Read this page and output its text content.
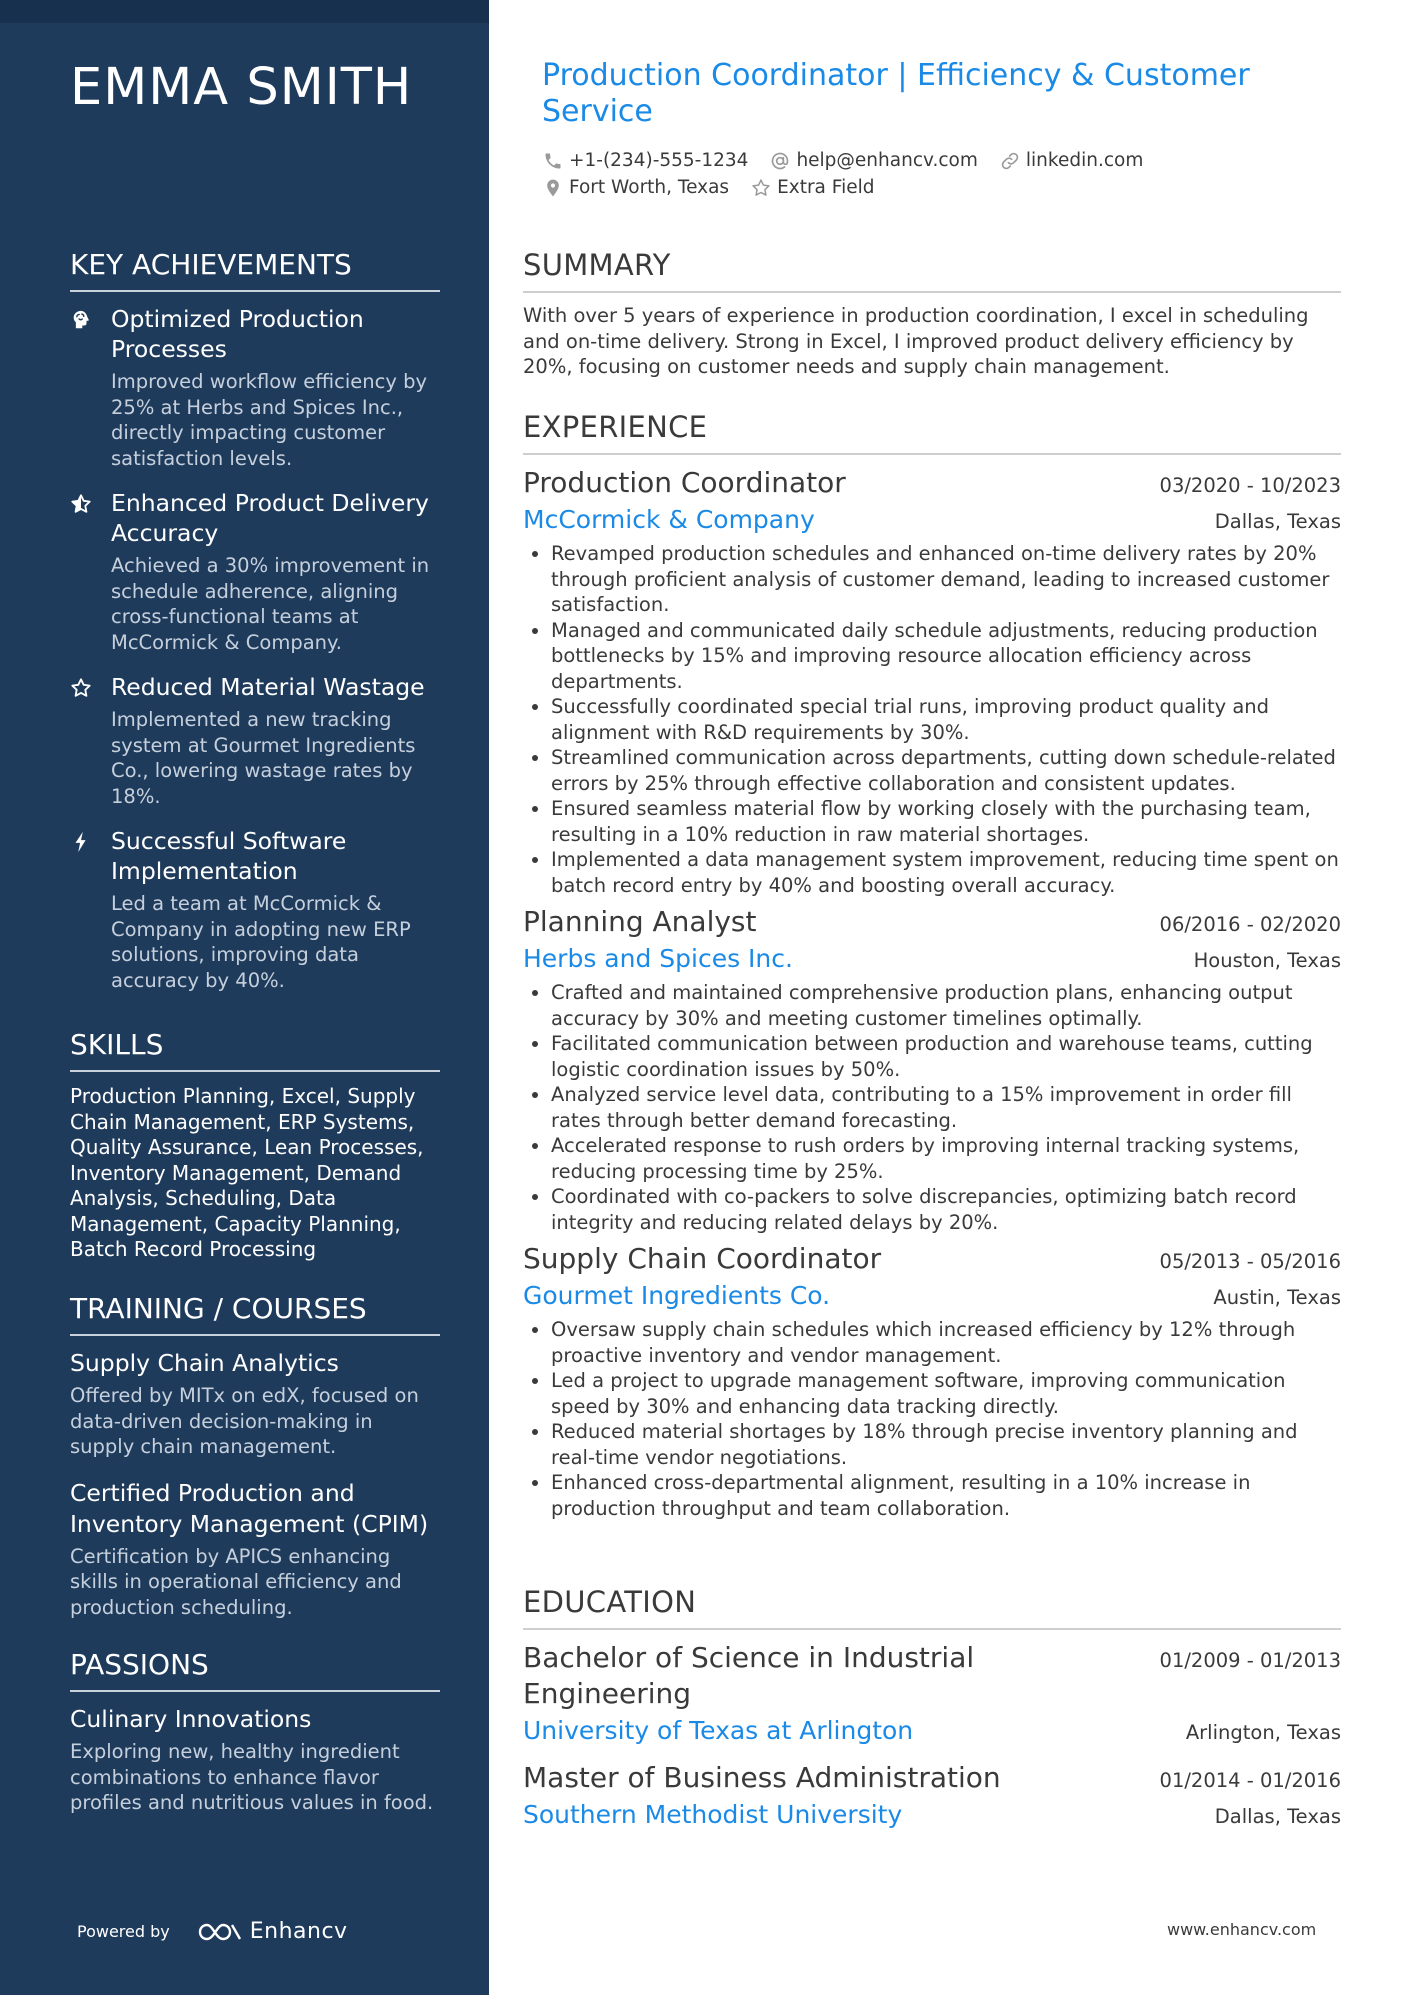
EMMA SMITH
KEY ACHIEVEMENTS
Optimized Production Processes
Improved workflow efficiency by 25% at Herbs and Spices Inc., directly impacting customer satisfaction levels.
Enhanced Product Delivery Accuracy
Achieved a 30% improvement in schedule adherence, aligning cross-functional teams at McCormick & Company.
Reduced Material Wastage
Implemented a new tracking system at Gourmet Ingredients Co., lowering wastage rates by 18%.
Successful Software Implementation
Led a team at McCormick & Company in adopting new ERP solutions, improving data accuracy by 40%.
SKILLS
Production Planning, Excel, Supply Chain Management, ERP Systems, Quality Assurance, Lean Processes, Inventory Management, Demand Analysis, Scheduling, Data Management, Capacity Planning, Batch Record Processing
TRAINING / COURSES
Supply Chain Analytics
Offered by MITx on edX, focused on data-driven decision-making in supply chain management.
Certified Production and Inventory Management (CPIM)
Certification by APICS enhancing skills in operational efficiency and production scheduling.
PASSIONS
Culinary Innovations
Exploring new, healthy ingredient combinations to enhance flavor profiles and nutritious values in food.
Powered by	Enhancv
Production Coordinator | Efficiency & Customer Service
+1-(234)-555-1234	help@enhancv.com	linkedin.com
Fort Worth, Texas	Extra Field
SUMMARY
With over 5 years of experience in production coordination, I excel in scheduling and on-time delivery. Strong in Excel, I improved product delivery efficiency by 20%, focusing on customer needs and supply chain management.
EXPERIENCE
Production Coordinator	03/2020 - 10/2023
McCormick & Company	Dallas, Texas
Revamped production schedules and enhanced on-time delivery rates by 20% through proficient analysis of customer demand, leading to increased customer satisfaction.
Managed and communicated daily schedule adjustments, reducing production bottlenecks by 15% and improving resource allocation efficiency across departments.
Successfully coordinated special trial runs, improving product quality and alignment with R&D requirements by 30%.
Streamlined communication across departments, cutting down schedule-related errors by 25% through effective collaboration and consistent updates.
Ensured seamless material flow by working closely with the purchasing team, resulting in a 10% reduction in raw material shortages.
Implemented a data management system improvement, reducing time spent on batch record entry by 40% and boosting overall accuracy.
Planning Analyst	06/2016 - 02/2020
Herbs and Spices Inc.	Houston, Texas
Crafted and maintained comprehensive production plans, enhancing output accuracy by 30% and meeting customer timelines optimally.
Facilitated communication between production and warehouse teams, cutting logistic coordination issues by 50%.
Analyzed service level data, contributing to a 15% improvement in order fill rates through better demand forecasting.
Accelerated response to rush orders by improving internal tracking systems, reducing processing time by 25%.
Coordinated with co-packers to solve discrepancies, optimizing batch record integrity and reducing related delays by 20%.
Supply Chain Coordinator	05/2013 - 05/2016
Gourmet Ingredients Co.	Austin, Texas
Oversaw supply chain schedules which increased efficiency by 12% through proactive inventory and vendor management.
Led a project to upgrade management software, improving communication speed by 30% and enhancing data tracking directly.
Reduced material shortages by 18% through precise inventory planning and real-time vendor negotiations.
Enhanced cross-departmental alignment, resulting in a 10% increase in production throughput and team collaboration.
EDUCATION
Bachelor of Science in Industrial Engineering
01/2009 - 01/2013
University of Texas at Arlington	Arlington, Texas
Master of Business Administration	01/2014 - 01/2016
Southern Methodist University	Dallas, Texas
www.enhancv.com
